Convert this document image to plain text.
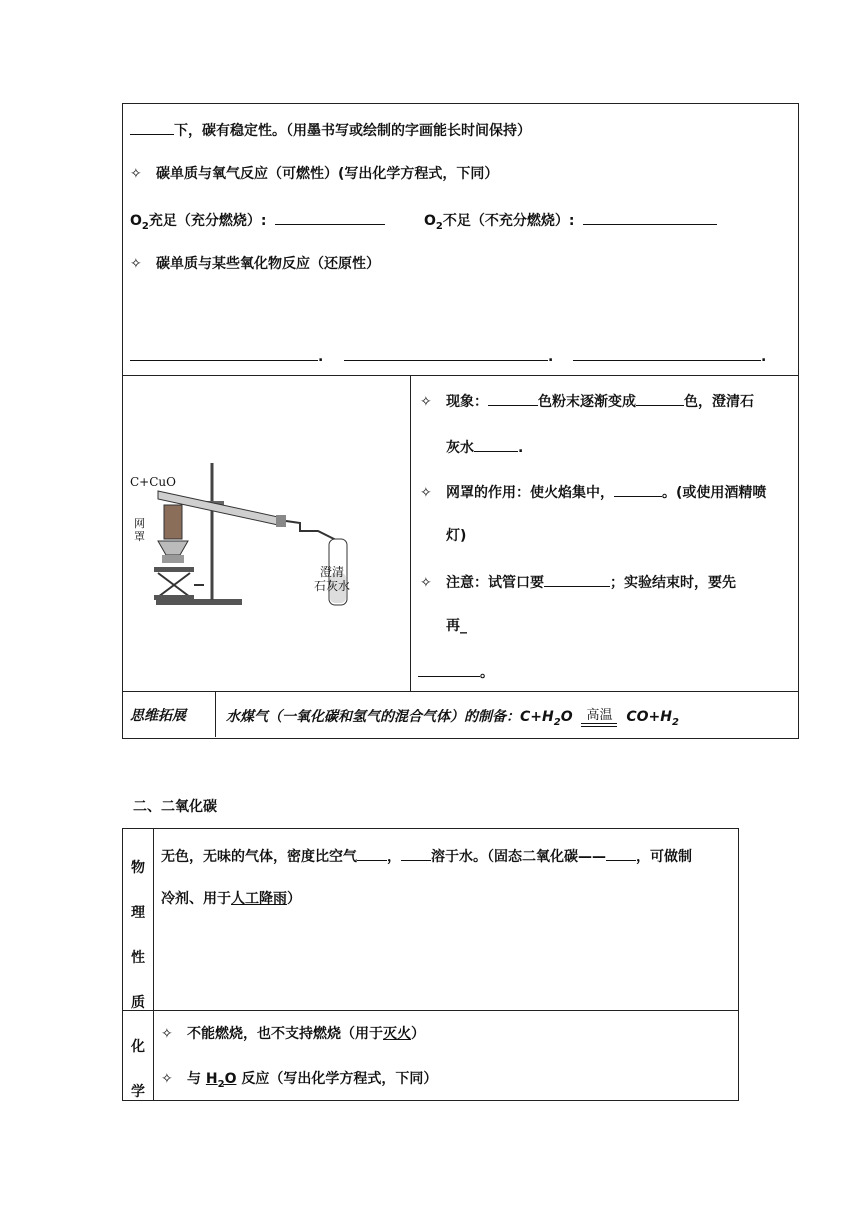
下，碳有稳定性。（用墨书写或绘制的字画能长时间保持）
✧ 碳单质与氧气反应（可燃性）(写出化学方程式，下同）
$O_2$充足（充分燃烧）:	$O_2$不足（不充分燃烧）:
✧ 碳单质与某些氧化物反应（还原性）
.	.	.
C+CuO
网罩
澄清
石灰水
✧ 现象：	色粉末逐渐变成	色，澄清石
灰水	.
✧ 网罩的作用：使火焰集中，	。(或使用酒精喷
灯)
✧ 注意：试管口要	；实验结束时，要先
再_
。
思维拓展	水煤气（一氧化碳和氢气的混合气体）的制备：$C+H_2O$	高温 $CO+H_2$
二、二氧化碳
物
理
性
质
无色，无味的气体，密度比空气 ， 溶于水。（固态二氧化碳—— ，可做制
冷剂、用于人工降雨）
化
学
✧ 不能燃烧，也不支持燃烧（用于灭火）
✧ 与 $H_2O$ 反应（写出化学方程式，下同）
